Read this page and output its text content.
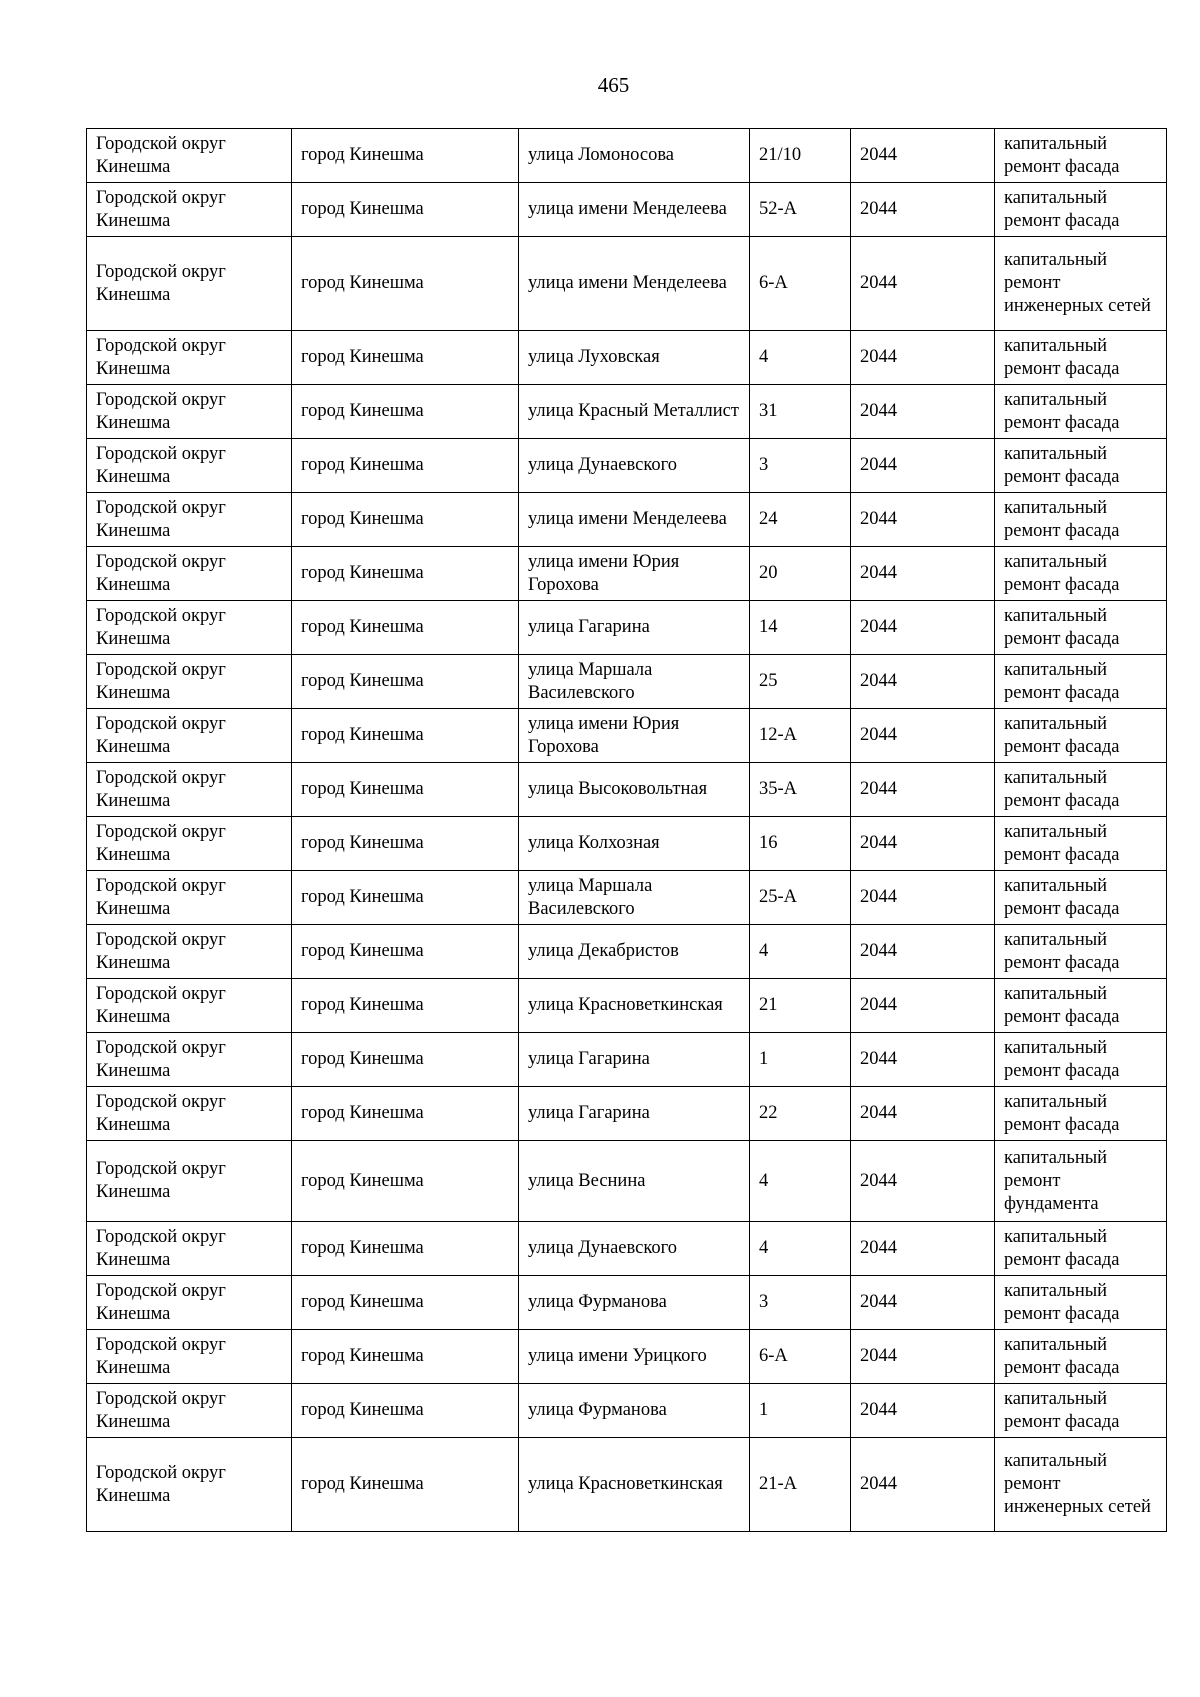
465
Городской округ Кинешма	город Кинешма	улица Ломоносова	21/10	2044	капитальный ремонт фасада
Городской округ Кинешма	город Кинешма	улица имени Менделеева	52-А	2044	капитальный ремонт фасада
Городской округ Кинешма	город Кинешма	улица имени Менделеева	6-А	2044	капитальный ремонт инженерных сетей
Городской округ Кинешма	город Кинешма	улица Луховская	4	2044	капитальный ремонт фасада
Городской округ Кинешма	город Кинешма	улица Красный Металлист	31	2044	капитальный ремонт фасада
Городской округ Кинешма	город Кинешма	улица Дунаевского	3	2044	капитальный ремонт фасада
Городской округ Кинешма	город Кинешма	улица имени Менделеева	24	2044	капитальный ремонт фасада
Городской округ Кинешма	город Кинешма	улица имени Юрия Горохова	20	2044	капитальный ремонт фасада
Городской округ Кинешма	город Кинешма	улица Гагарина	14	2044	капитальный ремонт фасада
Городской округ Кинешма	город Кинешма	улица Маршала Василевского	25	2044	капитальный ремонт фасада
Городской округ Кинешма	город Кинешма	улица имени Юрия Горохова	12-А	2044	капитальный ремонт фасада
Городской округ Кинешма	город Кинешма	улица Высоковольтная	35-А	2044	капитальный ремонт фасада
Городской округ Кинешма	город Кинешма	улица Колхозная	16	2044	капитальный ремонт фасада
Городской округ Кинешма	город Кинешма	улица Маршала Василевского	25-А	2044	капитальный ремонт фасада
Городской округ Кинешма	город Кинешма	улица Декабристов	4	2044	капитальный ремонт фасада
Городской округ Кинешма	город Кинешма	улица Красноветкинская	21	2044	капитальный ремонт фасада
Городской округ Кинешма	город Кинешма	улица Гагарина	1	2044	капитальный ремонт фасада
Городской округ Кинешма	город Кинешма	улица Гагарина	22	2044	капитальный ремонт фасада
Городской округ Кинешма	город Кинешма	улица Веснина	4	2044	капитальный ремонт фундамента
Городской округ Кинешма	город Кинешма	улица Дунаевского	4	2044	капитальный ремонт фасада
Городской округ Кинешма	город Кинешма	улица Фурманова	3	2044	капитальный ремонт фасада
Городской округ Кинешма	город Кинешма	улица имени Урицкого	6-А	2044	капитальный ремонт фасада
Городской округ Кинешма	город Кинешма	улица Фурманова	1	2044	капитальный ремонт фасада
Городской округ Кинешма	город Кинешма	улица Красноветкинская	21-А	2044	капитальный ремонт инженерных сетей
